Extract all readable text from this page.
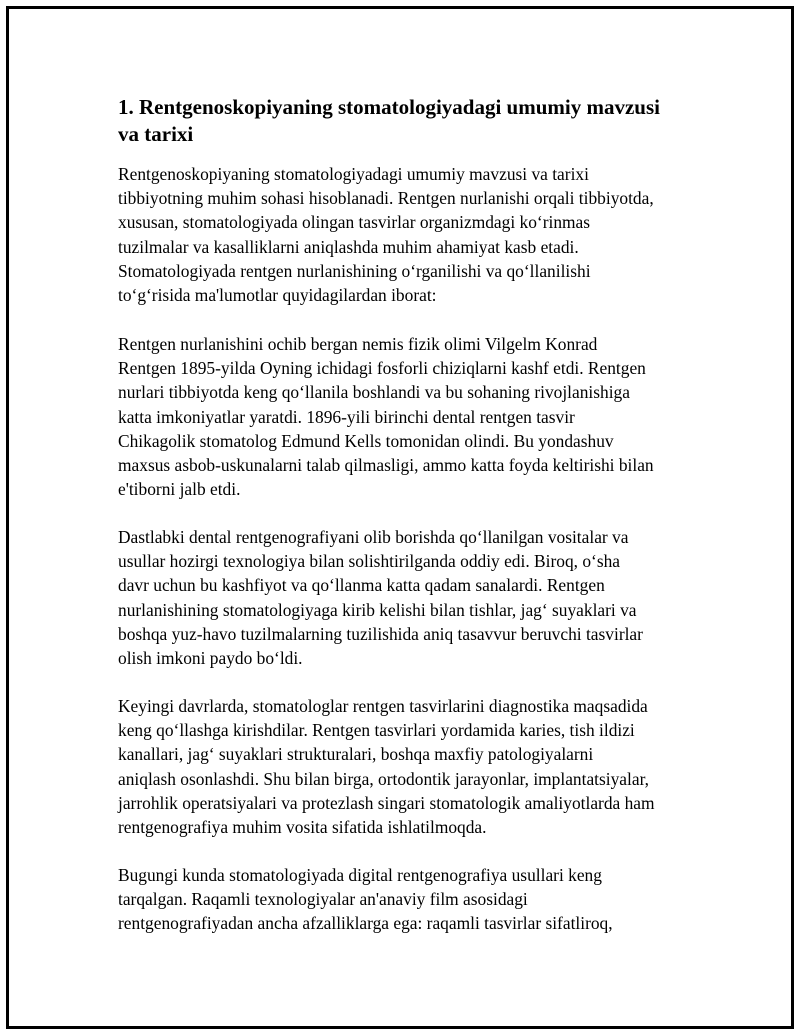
1. Rentgenoskopiyaning stomatologiyadagi umumiy mavzusi
va tarixi

Rentgenoskopiyaning stomatologiyadagi umumiy mavzusi va tarixi
tibbiyotning muhim sohasi hisoblanadi. Rentgen nurlanishi orqali tibbiyotda,
xususan, stomatologiyada olingan tasvirlar organizmdagi ko‘rinmas
tuzilmalar va kasalliklarni aniqlashda muhim ahamiyat kasb etadi.
Stomatologiyada rentgen nurlanishining o‘rganilishi va qo‘llanilishi
to‘g‘risida ma'lumotlar quyidagilardan iborat:

Rentgen nurlanishini ochib bergan nemis fizik olimi Vilgelm Konrad
Rentgen 1895-yilda Oyning ichidagi fosforli chiziqlarni kashf etdi. Rentgen
nurlari tibbiyotda keng qo‘llanila boshlandi va bu sohaning rivojlanishiga
katta imkoniyatlar yaratdi. 1896-yili birinchi dental rentgen tasvir
Chikagolik stomatolog Edmund Kells tomonidan olindi. Bu yondashuv
maxsus asbob-uskunalarni talab qilmasligi, ammo katta foyda keltirishi bilan
e'tiborni jalb etdi.

Dastlabki dental rentgenografiyani olib borishda qo‘llanilgan vositalar va
usullar hozirgi texnologiya bilan solishtirilganda oddiy edi. Biroq, o‘sha
davr uchun bu kashfiyot va qo‘llanma katta qadam sanalardi. Rentgen
nurlanishining stomatologiyaga kirib kelishi bilan tishlar, jag‘ suyaklari va
boshqa yuz-havo tuzilmalarning tuzilishida aniq tasavvur beruvchi tasvirlar
olish imkoni paydo bo‘ldi.

Keyingi davrlarda, stomatologlar rentgen tasvirlarini diagnostika maqsadida
keng qo‘llashga kirishdilar. Rentgen tasvirlari yordamida karies, tish ildizi
kanallari, jag‘ suyaklari strukturalari, boshqa maxfiy patologiyalarni
aniqlash osonlashdi. Shu bilan birga, ortodontik jarayonlar, implantatsiyalar,
jarrohlik operatsiyalari va protezlash singari stomatologik amaliyotlarda ham
rentgenografiya muhim vosita sifatida ishlatilmoqda.

Bugungi kunda stomatologiyada digital rentgenografiya usullari keng
tarqalgan. Raqamli texnologiyalar an'anaviy film asosidagi
rentgenografiyadan ancha afzalliklarga ega: raqamli tasvirlar sifatliroq,
